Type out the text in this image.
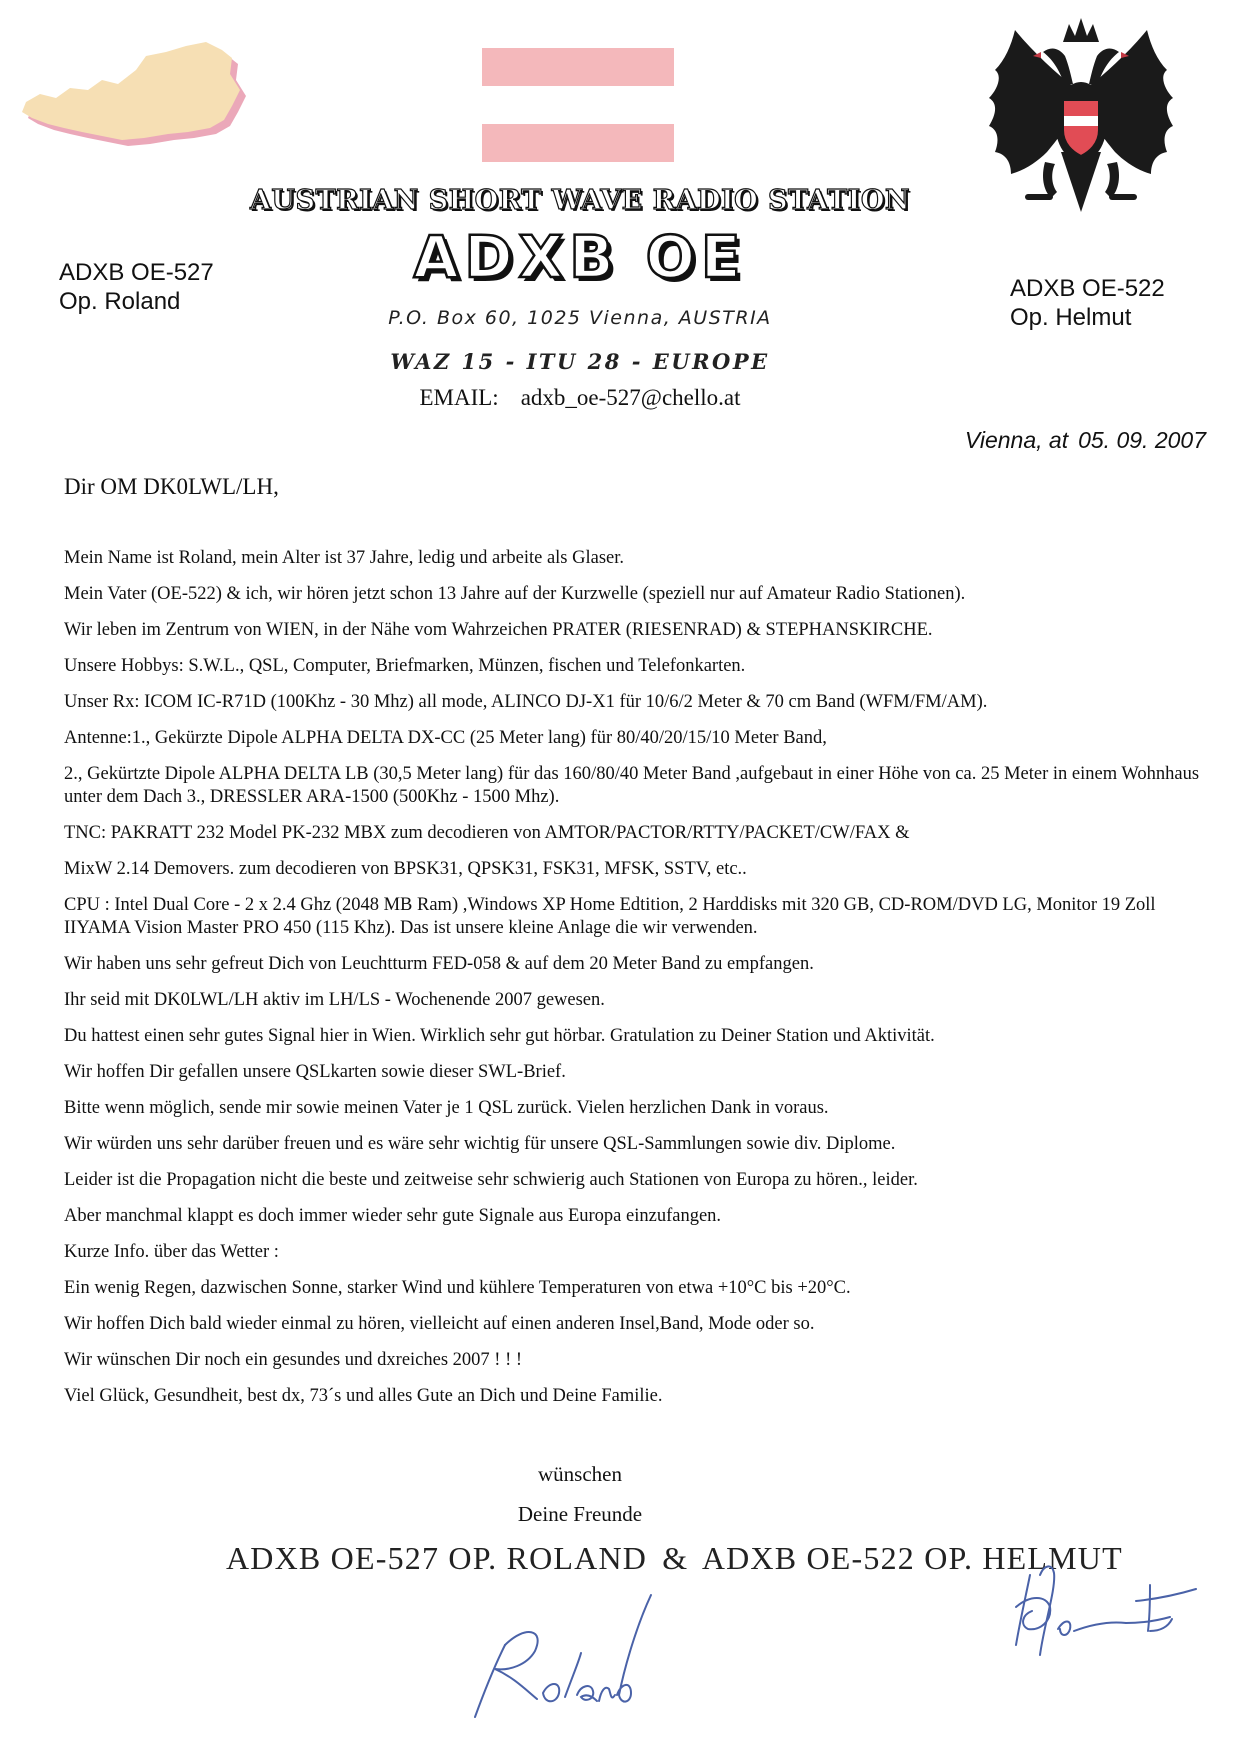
AUSTRIAN SHORT WAVE RADIO STATION
ADXB OE
ADXB OE-527
Op. Roland	ADXB OE-522
Op. Helmut
P.O. Box 60, 1025 Vienna, AUSTRIA
WAZ 15 - ITU 28 - EUROPE
EMAIL: adxb_oe-527@chello.at
Vienna, at 05. 09. 2007
Dir OM DK0LWL/LH,

Mein Name ist Roland, mein Alter ist 37 Jahre, ledig und arbeite als Glaser.

Mein Vater (OE-522) & ich, wir hören jetzt schon 13 Jahre auf der Kurzwelle (speziell nur auf Amateur Radio Stationen).

Wir leben im Zentrum von WIEN, in der Nähe vom Wahrzeichen PRATER (RIESENRAD) & STEPHANSKIRCHE.

Unsere Hobbys: S.W.L., QSL, Computer, Briefmarken, Münzen, fischen und Telefonkarten.

Unser Rx: ICOM IC-R71D (100Khz - 30 Mhz) all mode, ALINCO DJ-X1 für 10/6/2 Meter & 70 cm Band (WFM/FM/AM).

Antenne:1., Gekürzte Dipole ALPHA DELTA DX-CC (25 Meter lang) für 80/40/20/15/10 Meter Band,

2., Gekürtzte Dipole ALPHA DELTA LB (30,5 Meter lang) für das 160/80/40 Meter Band ,aufgebaut in einer Höhe von ca. 25 Meter in einem Wohnhaus unter dem Dach 3., DRESSLER ARA-1500 (500Khz - 1500 Mhz).

TNC: PAKRATT 232 Model PK-232 MBX zum decodieren von AMTOR/PACTOR/RTTY/PACKET/CW/FAX &

MixW 2.14 Demovers. zum decodieren von BPSK31, QPSK31, FSK31, MFSK, SSTV, etc..

CPU : Intel Dual Core - 2 x 2.4 Ghz (2048 MB Ram) ,Windows XP Home Edtition, 2 Harddisks mit 320 GB, CD-ROM/DVD LG, Monitor 19 Zoll IIYAMA Vision Master PRO 450 (115 Khz). Das ist unsere kleine Anlage die wir verwenden.

Wir haben uns sehr gefreut Dich von Leuchtturm FED-058 & auf dem 20 Meter Band zu empfangen.

Ihr seid mit DK0LWL/LH aktiv im LH/LS - Wochenende 2007 gewesen.

Du hattest einen sehr gutes Signal hier in Wien. Wirklich sehr gut hörbar. Gratulation zu Deiner Station und Aktivität.

Wir hoffen Dir gefallen unsere QSLkarten sowie dieser SWL-Brief.

Bitte wenn möglich, sende mir sowie meinen Vater je 1 QSL zurück. Vielen herzlichen Dank in voraus.

Wir würden uns sehr darüber freuen und es wäre sehr wichtig für unsere QSL-Sammlungen sowie div. Diplome.

Leider ist die Propagation nicht die beste und zeitweise sehr schwierig auch Stationen von Europa zu hören., leider.

Aber manchmal klappt es doch immer wieder sehr gute Signale aus Europa einzufangen.

Kurze Info. über das Wetter :

Ein wenig Regen, dazwischen Sonne, starker Wind und kühlere Temperaturen von etwa +10°C bis +20°C.

Wir hoffen Dich bald wieder einmal zu hören, vielleicht auf einen anderen Insel,Band, Mode oder so.

Wir wünschen Dir noch ein gesundes und dxreiches 2007 ! ! !

Viel Glück, Gesundheit, best dx, 73´s und alles Gute an Dich und Deine Familie.

wünschen
Deine Freunde
ADXB OE-527 OP. ROLAND & ADXB OE-522 OP. HELMUT
